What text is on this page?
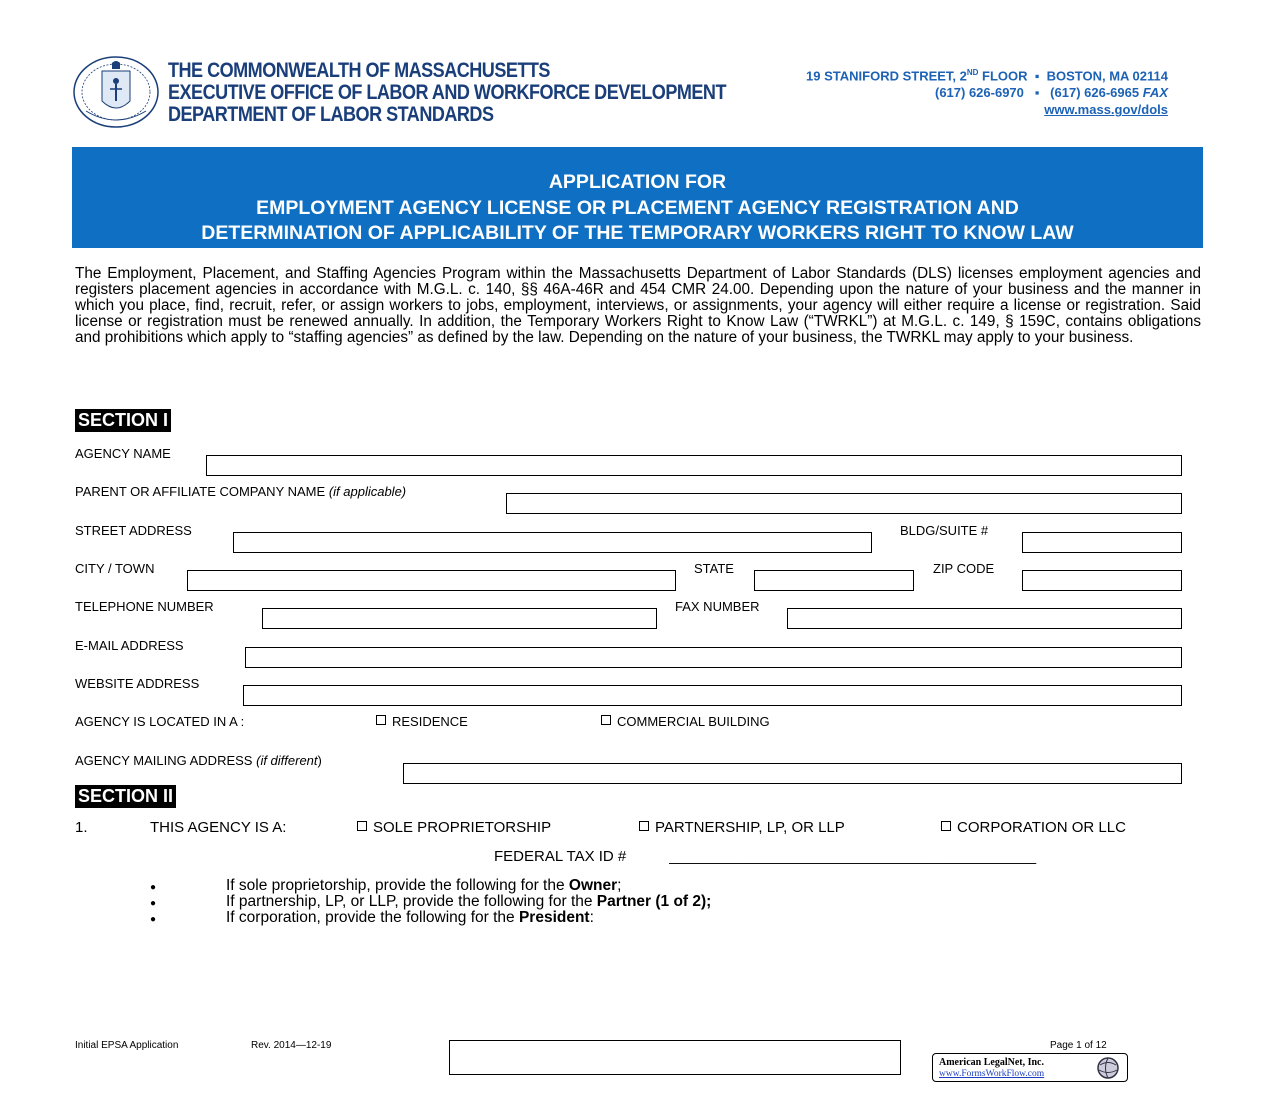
THE COMMONWEALTH OF MASSACHUSETTS
EXECUTIVE OFFICE OF LABOR AND WORKFORCE DEVELOPMENT
DEPARTMENT OF LABOR STANDARDS
19 STANIFORD STREET, 2ND FLOOR  ▪  BOSTON, MA 02114
(617) 626-6970   ▪   (617) 626-6965 FAX
www.mass.gov/dols
APPLICATION FOR
EMPLOYMENT AGENCY LICENSE OR PLACEMENT AGENCY REGISTRATION AND
DETERMINATION OF APPLICABILITY OF THE TEMPORARY WORKERS RIGHT TO KNOW LAW
The Employment, Placement, and Staffing Agencies Program within the Massachusetts Department of Labor Standards (DLS) licenses employment agencies and registers placement agencies in accordance with M.G.L. c. 140, §§ 46A-46R and 454 CMR 24.00. Depending upon the nature of your business and the manner in which you place, find, recruit, refer, or assign workers to jobs, employment, interviews, or assignments, your agency will either require a license or registration. Said license or registration must be renewed annually. In addition, the Temporary Workers Right to Know Law (“TWRKL”) at M.G.L. c. 149, § 159C, contains obligations and prohibitions which apply to “staffing agencies” as defined by the law. Depending on the nature of your business, the TWRKL may apply to your business.
SECTION I
AGENCY NAME
PARENT OR AFFILIATE COMPANY NAME (if applicable)
STREET ADDRESS	BLDG/SUITE #
CITY / TOWN	STATE	ZIP CODE
TELEPHONE NUMBER	FAX NUMBER
E-MAIL ADDRESS
WEBSITE ADDRESS
AGENCY IS LOCATED IN A :	RESIDENCE	COMMERCIAL BUILDING
AGENCY MAILING ADDRESS (if different)
SECTION II
1.	THIS AGENCY IS A:	SOLE PROPRIETORSHIP	PARTNERSHIP, LP, OR LLP	CORPORATION OR LLC
FEDERAL TAX ID #	____________________________________________
● If sole proprietorship, provide the following for the Owner;
● If partnership, LP, or LLP, provide the following for the Partner (1 of 2);
● If corporation, provide the following for the President:
Initial EPSA Application	Rev. 2014—12-19	Page 1 of 12
American LegalNet, Inc.
www.FormsWorkFlow.com
